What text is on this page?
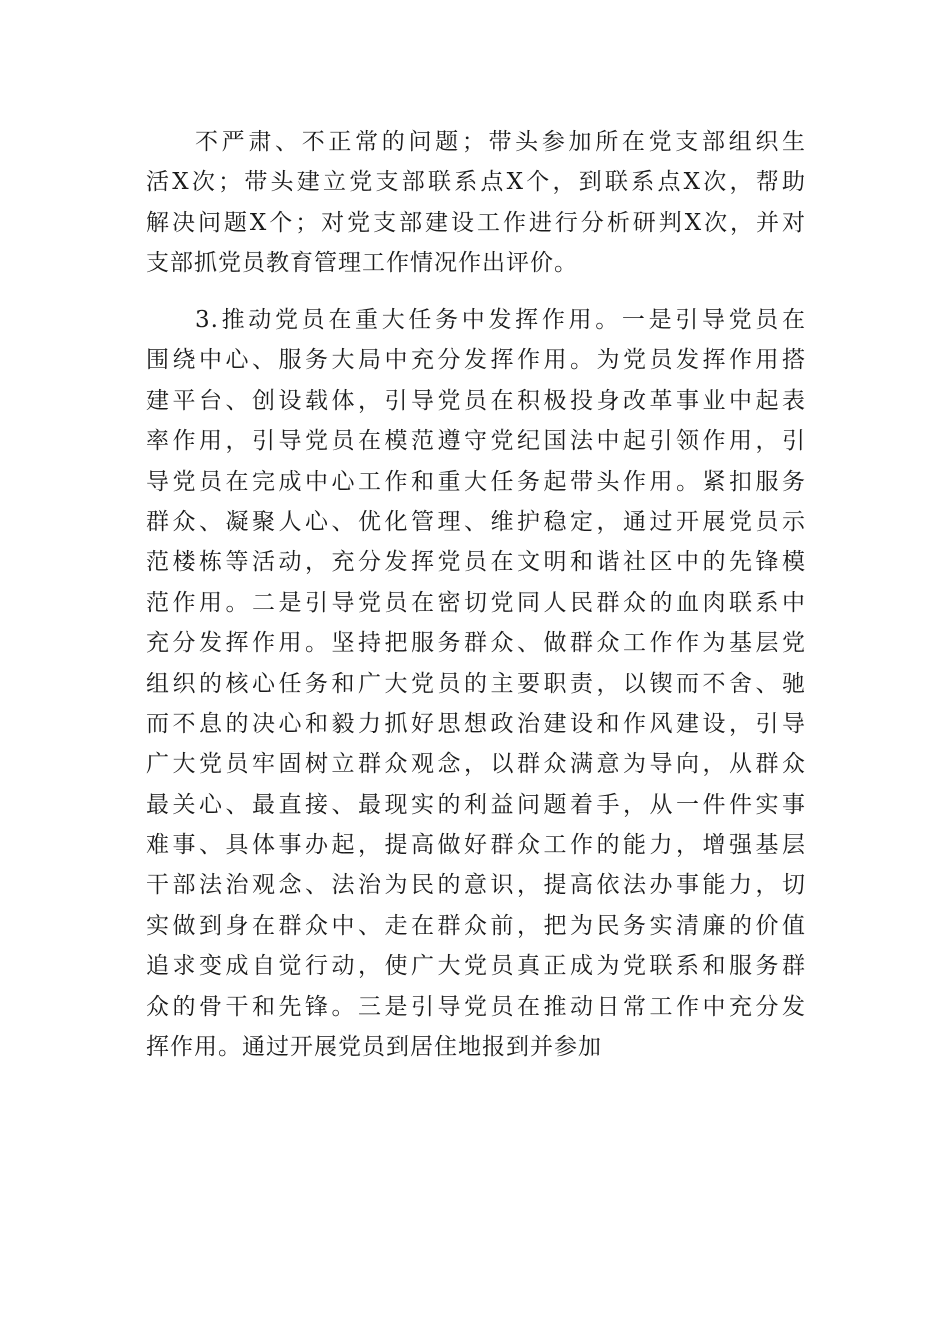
不严肃、不正常的问题；带头参加所在党支部组织生
活X次；带头建立党支部联系点X个，到联系点X次，帮助
解决问题X个；对党支部建设工作进行分析研判X次，并对
支部抓党员教育管理工作情况作出评价。
3.推动党员在重大任务中发挥作用。一是引导党员在
围绕中心、服务大局中充分发挥作用。为党员发挥作用搭
建平台、创设载体，引导党员在积极投身改革事业中起表
率作用，引导党员在模范遵守党纪国法中起引领作用，引
导党员在完成中心工作和重大任务起带头作用。紧扣服务
群众、凝聚人心、优化管理、维护稳定，通过开展党员示
范楼栋等活动，充分发挥党员在文明和谐社区中的先锋模
范作用。二是引导党员在密切党同人民群众的血肉联系中
充分发挥作用。坚持把服务群众、做群众工作作为基层党
组织的核心任务和广大党员的主要职责，以锲而不舍、驰
而不息的决心和毅力抓好思想政治建设和作风建设，引导
广大党员牢固树立群众观念，以群众满意为导向，从群众
最关心、最直接、最现实的利益问题着手，从一件件实事
难事、具体事办起，提高做好群众工作的能力，增强基层
干部法治观念、法治为民的意识，提高依法办事能力，切
实做到身在群众中、走在群众前，把为民务实清廉的价值
追求变成自觉行动，使广大党员真正成为党联系和服务群
众的骨干和先锋。三是引导党员在推动日常工作中充分发
挥作用。通过开展党员到居住地报到并参加
